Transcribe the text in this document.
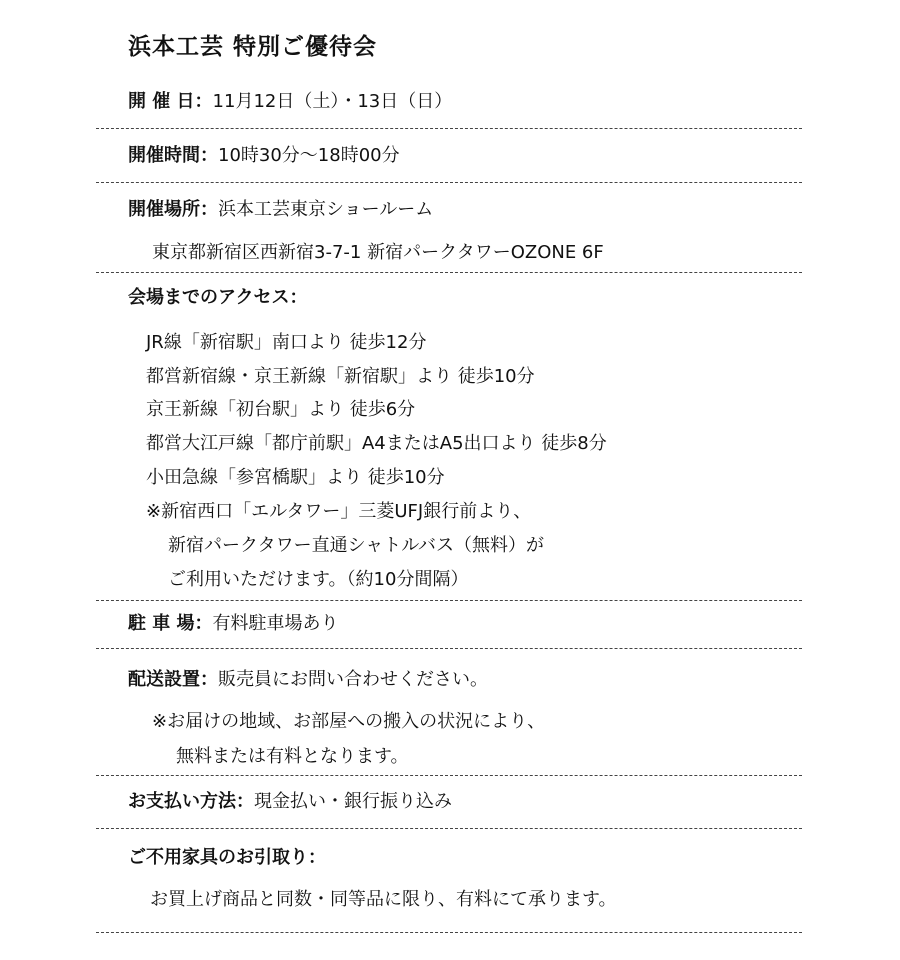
浜本工芸 特別ご優待会
開 催 日：11月12日（土）・13日（日）
開催時間：10時30分～18時00分
開催場所：浜本工芸東京ショールーム
東京都新宿区西新宿3-7-1 新宿パークタワーOZONE 6F
会場までのアクセス：
JR線「新宿駅」南口より 徒歩12分
都営新宿線・京王新線「新宿駅」より 徒歩10分
京王新線「初台駅」より 徒歩6分
都営大江戸線「都庁前駅」A4またはA5出口より 徒歩8分
小田急線「参宮橋駅」より 徒歩10分
※新宿西口「エルタワー」三菱UFJ銀行前より、
新宿パークタワー直通シャトルバス（無料）が
ご利用いただけます。（約10分間隔）
駐 車 場：有料駐車場あり
配送設置：販売員にお問い合わせください。
※お届けの地域、お部屋への搬入の状況により、
無料または有料となります。
お支払い方法：現金払い・銀行振り込み
ご不用家具のお引取り：
お買上げ商品と同数・同等品に限り、有料にて承ります。
